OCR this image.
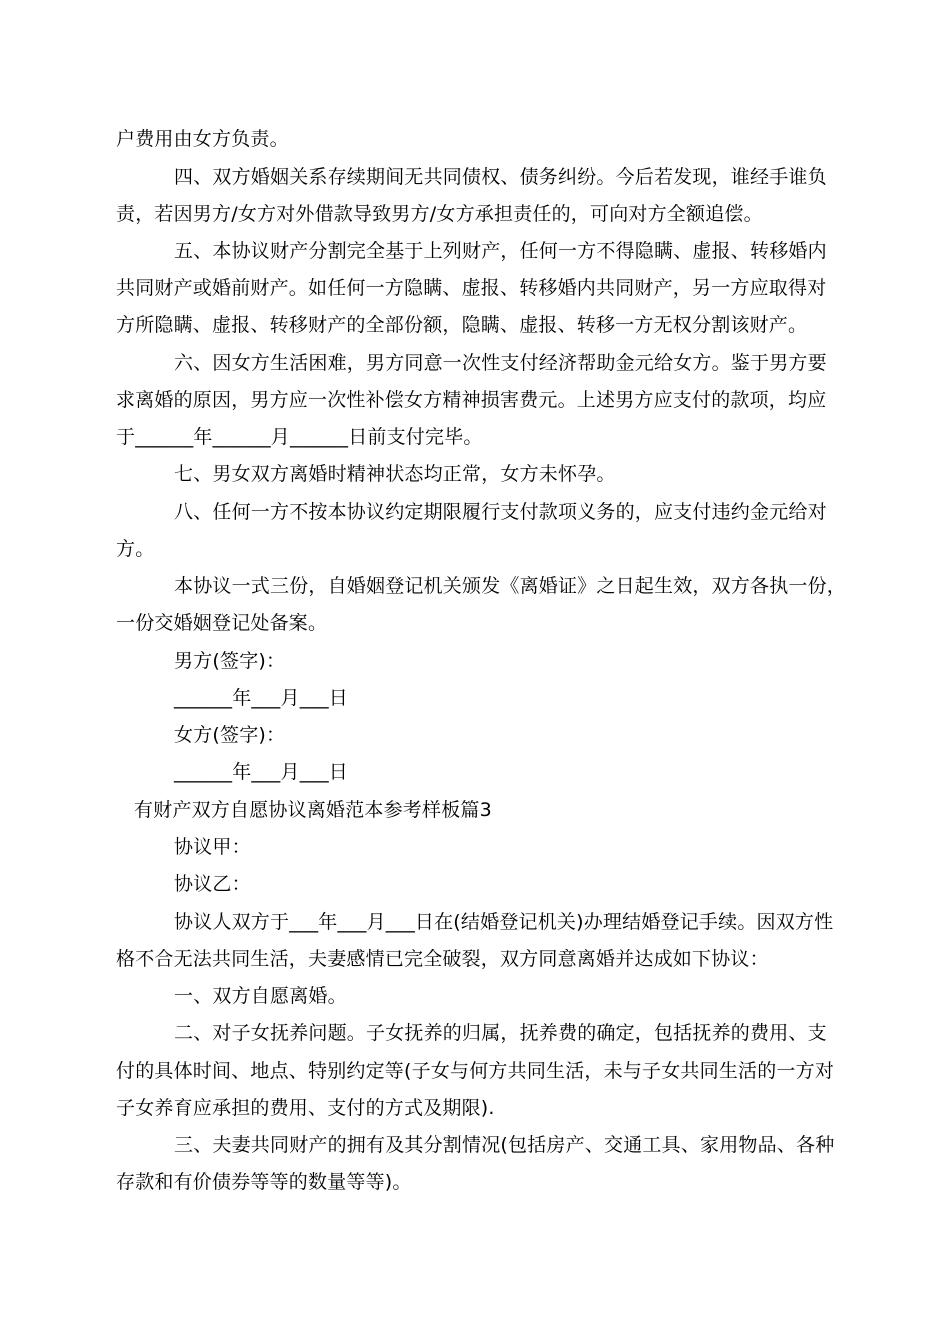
户费用由女方负责。
四、双方婚姻关系存续期间无共同债权、债务纠纷。今后若发现，谁经手谁负
责，若因男方/女方对外借款导致男方/女方承担责任的，可向对方全额追偿。
五、本协议财产分割完全基于上列财产，任何一方不得隐瞒、虚报、转移婚内
共同财产或婚前财产。如任何一方隐瞒、虚报、转移婚内共同财产，另一方应取得对
方所隐瞒、虚报、转移财产的全部份额，隐瞒、虚报、转移一方无权分割该财产。
六、因女方生活困难，男方同意一次性支付经济帮助金元给女方。鉴于男方要
求离婚的原因，男方应一次性补偿女方精神损害费元。上述男方应支付的款项，均应
于______年______月______日前支付完毕。
七、男女双方离婚时精神状态均正常，女方未怀孕。
八、任何一方不按本协议约定期限履行支付款项义务的，应支付违约金元给对
方。
本协议一式三份，自婚姻登记机关颁发《离婚证》之日起生效，双方各执一份，
一份交婚姻登记处备案。
男方(签字)：
______年___月___日
女方(签字)：
______年___月___日
有财产双方自愿协议离婚范本参考样板篇3
协议甲：
协议乙：
协议人双方于___年___月___日在(结婚登记机关)办理结婚登记手续。因双方性
格不合无法共同生活，夫妻感情已完全破裂，双方同意离婚并达成如下协议：
一、双方自愿离婚。
二、对子女抚养问题。子女抚养的归属，抚养费的确定，包括抚养的费用、支
付的具体时间、地点、特别约定等(子女与何方共同生活，未与子女共同生活的一方对
子女养育应承担的费用、支付的方式及期限).
三、夫妻共同财产的拥有及其分割情况(包括房产、交通工具、家用物品、各种
存款和有价债券等等的数量等等)。
